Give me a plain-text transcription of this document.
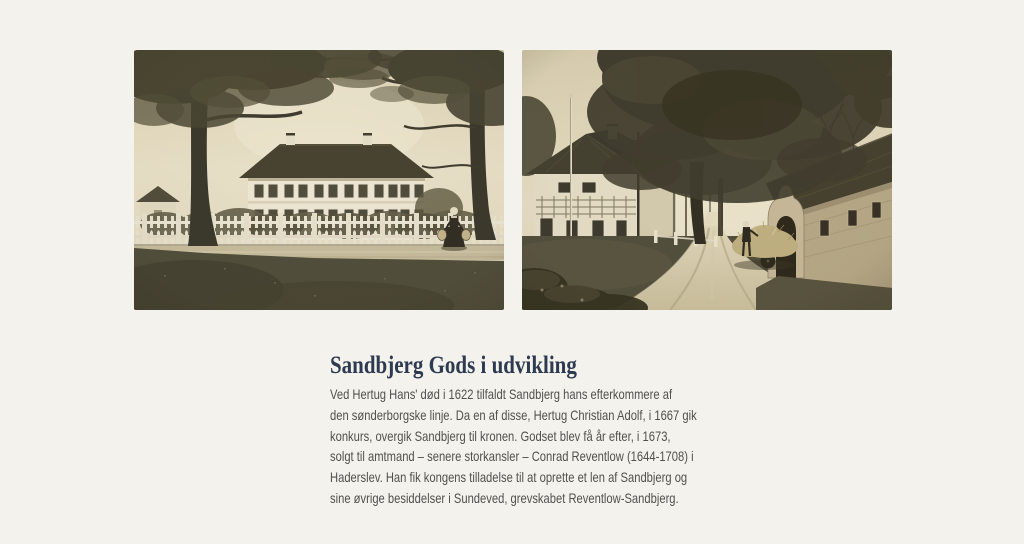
Sandbjerg Gods i udvikling
Ved Hertug Hans' død i 1622 tilfaldt Sandbjerg hans efterkommere af
den sønderborgske linje. Da en af disse, Hertug Christian Adolf, i 1667 gik
konkurs, overgik Sandbjerg til kronen. Godset blev få år efter, i 1673,
solgt til amtmand – senere storkansler – Conrad Reventlow (1644-1708) i
Haderslev. Han fik kongens tilladelse til at oprette et len af Sandbjerg og
sine øvrige besiddelser i Sundeved, grevskabet Reventlow-Sandbjerg.
